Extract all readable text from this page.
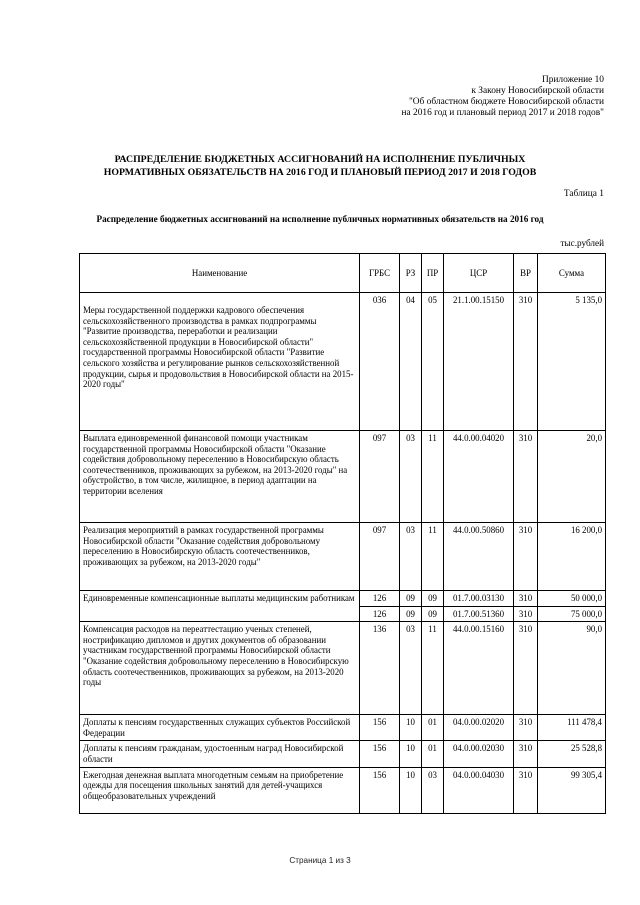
Приложение 10
к Закону Новосибирской области
"Об областном бюджете Новосибирской области
на 2016 год и плановый период 2017 и 2018 годов"
РАСПРЕДЕЛЕНИЕ БЮДЖЕТНЫХ АССИГНОВАНИЙ НА ИСПОЛНЕНИЕ ПУБЛИЧНЫХ
НОРМАТИВНЫХ ОБЯЗАТЕЛЬСТВ НА 2016 ГОД И ПЛАНОВЫЙ ПЕРИОД 2017 И 2018 ГОДОВ
Таблица 1
Распределение бюджетных ассигнований на исполнение публичных нормативных обязательств на 2016 год
тыс.рублей
Наименование	ГРБС	РЗ	ПР	ЦСР	ВР	Сумма
Меры государственной поддержки кадрового обеспечения сельскохозяйственного производства в рамках подпрограммы "Развитие производства, переработки и реализации сельскохозяйственной продукции в Новосибирской области" государственной программы Новосибирской области "Развитие сельского хозяйства и регулирование рынков сельскохозяйственной продукции, сырья и продовольствия в Новосибирской области на 2015-2020 годы"	036	04	05	21.1.00.15150	310	5 135,0
Выплата единовременной финансовой помощи участникам государственной программы Новосибирской области "Оказание содействия добровольному переселению в Новосибирскую область соотечественников, проживающих за рубежом, на 2013-2020 годы" на обустройство, в том числе, жилищное, в период адаптации на территории вселения	097	03	11	44.0.00.04020	310	20,0
Реализация мероприятий в рамках государственной программы Новосибирской области "Оказание содействия добровольному переселению в Новосибирскую область соотечественников, проживающих за рубежом, на 2013-2020 годы"	097	03	11	44.0.00.50860	310	16 200,0
Единовременные компенсационные выплаты медицинским работникам	126	09	09	01.7.00.03130	310	50 000,0
	126	09	09	01.7.00.51360	310	75 000,0
Компенсация расходов на переаттестацию ученых степеней, нострификацию дипломов и других документов об образовании участникам государственной программы Новосибирской области "Оказание содействия добровольному переселению в Новосибирскую область соотечественников, проживающих за рубежом, на 2013-2020 годы	136	03	11	44.0.00.15160	310	90,0
Доплаты к пенсиям государственных служащих субъектов Российской Федерации	156	10	01	04.0.00.02020	310	111 478,4
Доплаты к пенсиям гражданам, удостоенным наград Новосибирской области	156	10	01	04.0.00.02030	310	25 528,8
Ежегодная денежная выплата многодетным семьям на приобретение одежды для посещения школьных занятий для детей-учащихся общеобразовательных учреждений	156	10	03	04.0.00.04030	310	99 305,4
Страница 1 из 3
